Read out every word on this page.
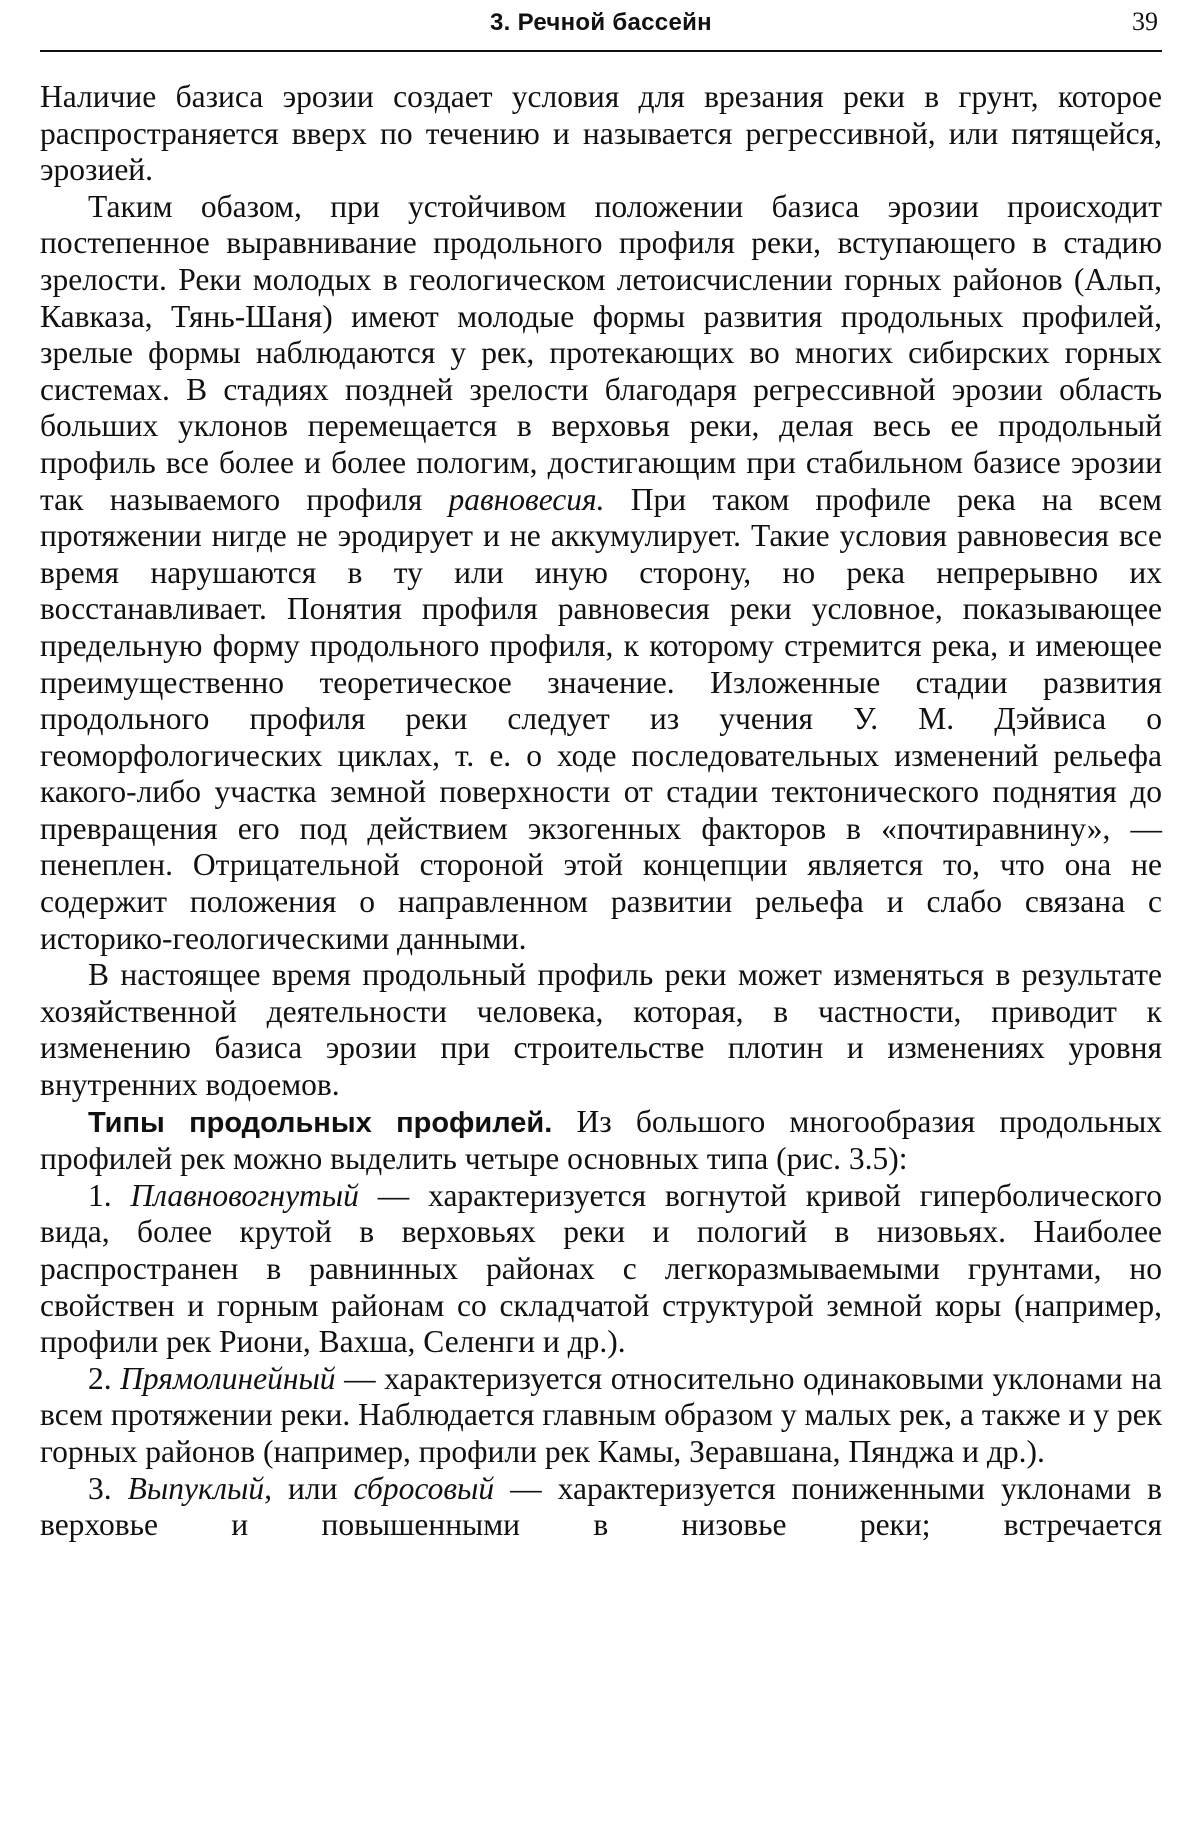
3. Речной бассейн	39

Наличие базиса эрозии создает условия для врезания реки в грунт, которое распространяется вверх по течению и называется регрессивной, или пятящейся, эрозией.

Таким обазом, при устойчивом положении базиса эрозии происходит постепенное выравнивание продольного профиля реки, вступающего в стадию зрелости. Реки молодых в геологическом летоисчислении горных районов (Альп, Кавказа, Тянь-Шаня) имеют молодые формы развития продольных профилей, зрелые формы наблюдаются у рек, протекающих во многих сибирских горных системах. В стадиях поздней зрелости благодаря регрессивной эрозии область больших уклонов перемещается в верховья реки, делая весь ее продольный профиль все более и более пологим, достигающим при стабильном базисе эрозии так называемого профиля равновесия. При таком профиле река на всем протяжении нигде не эродирует и не аккумулирует. Такие условия равновесия все время нарушаются в ту или иную сторону, но река непрерывно их восстанавливает. Понятия профиля равновесия реки условное, показывающее предельную форму продольного профиля, к которому стремится река, и имеющее преимущественно теоретическое значение. Изложенные стадии развития продольного профиля реки следует из учения У. М. Дэйвиса о геоморфологических циклах, т. е. о ходе последовательных изменений рельефа какого-либо участка земной поверхности от стадии тектонического поднятия до превращения его под действием экзогенных факторов в «почтиравнину», — пенеплен. Отрицательной стороной этой концепции является то, что она не содержит положения о направленном развитии рельефа и слабо связана с историко-геологическими данными.

В настоящее время продольный профиль реки может изменяться в результате хозяйственной деятельности человека, которая, в частности, приводит к изменению базиса эрозии при строительстве плотин и изменениях уровня внутренних водоемов.

Типы продольных профилей. Из большого многообразия продольных профилей рек можно выделить четыре основных типа (рис. 3.5):

1. Плавновогнутый — характеризуется вогнутой кривой гиперболического вида, более крутой в верховьях реки и пологий в низовьях. Наиболее распространен в равнинных районах с легкоразмываемыми грунтами, но свойствен и горным районам со складчатой структурой земной коры (например, профили рек Риони, Вахша, Селенги и др.).

2. Прямолинейный — характеризуется относительно одинаковыми уклонами на всем протяжении реки. Наблюдается главным образом у малых рек, а также и у рек горных районов (например, профили рек Камы, Зеравшана, Пянджа и др.).

3. Выпуклый, или сбросовый — характеризуется пониженными уклонами в верховье и повышенными в низовье реки; встречается
